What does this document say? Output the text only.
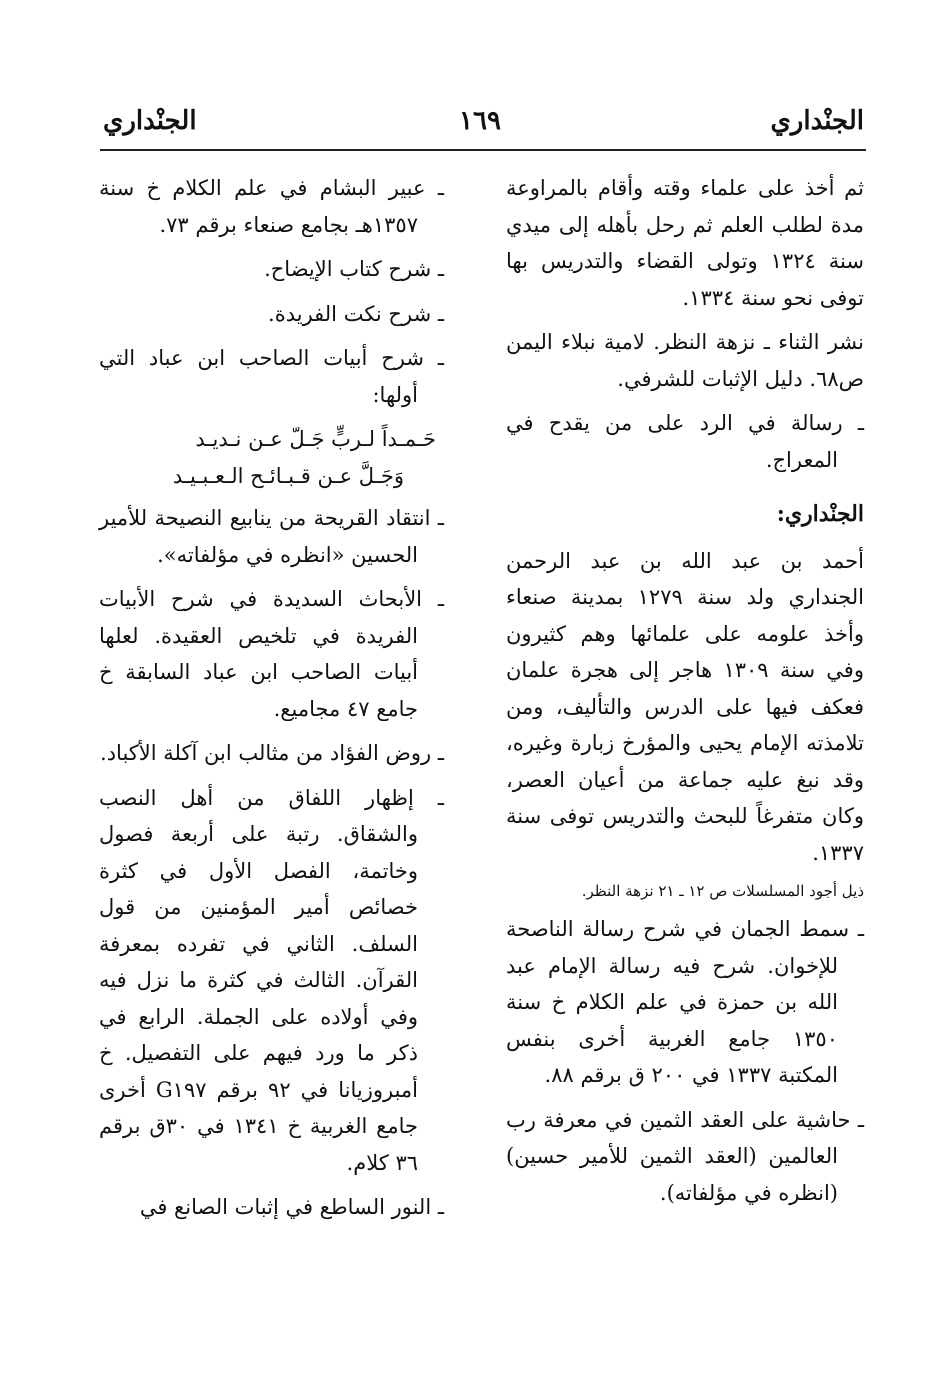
الجنْداري
١٦٩
الجنْداري

ثم أخذ على علماء وقته وأقام بالمراوعة مدة لطلب العلم ثم رحل بأهله إلى ميدي سنة ١٣٢٤ وتولى القضاء والتدريس بها توفى نحو سنة ١٣٣٤.

نشر الثناء ـ نزهة النظر. لامية نبلاء اليمن ص٦٨. دليل الإثبات للشرفي.

ـ رسالة في الرد على من يقدح في المعراج.

الجنْداري:

أحمد بن عبد الله بن عبد الرحمن الجنداري ولد سنة ١٢٧٩ بمدينة صنعاء وأخذ علومه على علمائها وهم كثيرون وفي سنة ١٣٠٩ هاجر إلى هجرة علمان فعكف فيها على الدرس والتأليف، ومن تلامذته الإمام يحيى والمؤرخ زبارة وغيره، وقد نبغ عليه جماعة من أعيان العصر، وكان متفرغاً للبحث والتدريس توفى سنة ١٣٣٧.

ذيل أجود المسلسلات ص ١٢ ـ ٢١ نزهة النظر.

ـ سمط الجمان في شرح رسالة الناصحة للإخوان. شرح فيه رسالة الإمام عبد الله بن حمزة في علم الكلام خ سنة ١٣٥٠ جامع الغربية أخرى بنفس المكتبة ١٣٣٧ في ٢٠٠ ق برقم ٨٨.

ـ حاشية على العقد الثمين في معرفة رب العالمين (العقد الثمين للأمير حسين) (انظره في مؤلفاته).

ـ عبير البشام في علم الكلام خ سنة ١٣٥٧هـ بجامع صنعاء برقم ٧٣.

ـ شرح كتاب الإيضاح.

ـ شرح نكت الفريدة.

ـ شرح أبيات الصاحب ابن عباد التي أولها:

حَـمـداً لـربٍّ جَـلّ عـن نـديـد

وَجَـلَّ عـن قـبـائـح الـعـبـيـد

ـ انتقاد القريحة من ينابيع النصيحة للأمير الحسين «انظره في مؤلفاته».

ـ الأبحاث السديدة في شرح الأبيات الفريدة في تلخيص العقيدة. لعلها أبيات الصاحب ابن عباد السابقة خ جامع ٤٧ مجاميع.

ـ روض الفؤاد من مثالب ابن آكلة الأكباد.

ـ إظهار اللفاق من أهل النصب والشقاق. رتبة على أربعة فصول وخاتمة، الفصل الأول في كثرة خصائص أمير المؤمنين من قول السلف. الثاني في تفرده بمعرفة القرآن. الثالث في كثرة ما نزل فيه وفي أولاده على الجملة. الرابع في ذكر ما ورد فيهم على التفصيل. خ أمبروزيانا في ٩٢ برقم G١٩٧ أخرى جامع الغربية خ ١٣٤١ في ٣٠ق برقم ٣٦ كلام.

ـ النور الساطع في إثبات الصانع في
